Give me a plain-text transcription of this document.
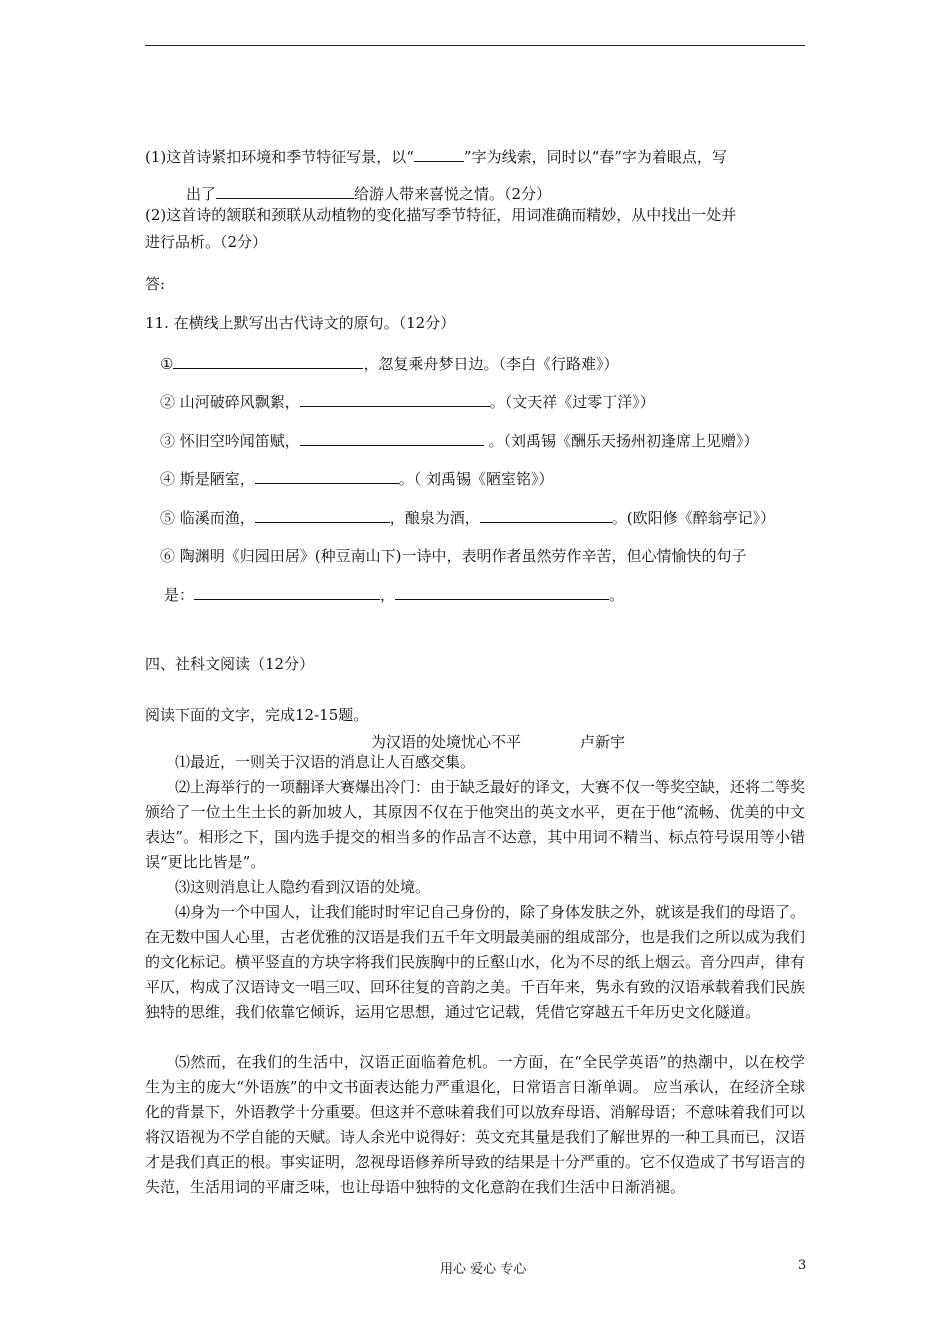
(1)这首诗紧扣环境和季节特征写景，以“	”字为线索，同时以“春”字为着眼点，写
出了	给游人带来喜悦之情。（2分）
(2)这首诗的颔联和颈联从动植物的变化描写季节特征，用词准确而精妙，从中找出一处并
进行品析。（2分）
答:
11. 在横线上默写出古代诗文的原句。（12分）
①	，忽复乘舟梦日边。（李白《行路难》）
② 山河破碎风飘絮，	。（文天祥《过零丁洋》）
③ 怀旧空吟闻笛赋，	。（刘禹锡《酬乐天扬州初逢席上见赠》）
④ 斯是陋室，	。（ 刘禹锡《陋室铭》）
⑤ 临溪而渔，	，酿泉为酒，	。(欧阳修《醉翁亭记》）
⑥ 陶渊明《归园田居》(种豆南山下)一诗中，表明作者虽然劳作辛苦，但心情愉快的句子
是：	，	。
四、社科文阅读（12分）
阅读下面的文字，完成12-15题。
为汉语的处境忧心不平	卢新宇
⑴最近，一则关于汉语的消息让人百感交集。
⑵上海举行的一项翻译大赛爆出冷门：由于缺乏最好的译文，大赛不仅一等奖空缺，还将二等奖颁给了一位土生土长的新加坡人，其原因不仅在于他突出的英文水平，更在于他“流畅、优美的中文表达”。相形之下，国内选手提交的相当多的作品言不达意，其中用词不精当、标点符号误用等小错误“更比比皆是”。
⑶这则消息让人隐约看到汉语的处境。
⑷身为一个中国人，让我们能时时牢记自己身份的，除了身体发肤之外，就该是我们的母语了。在无数中国人心里，古老优雅的汉语是我们五千年文明最美丽的组成部分，也是我们之所以成为我们的文化标记。横平竖直的方块字将我们民族胸中的丘壑山水，化为不尽的纸上烟云。音分四声，律有平仄，构成了汉语诗文一唱三叹、回环往复的音韵之美。千百年来，隽永有致的汉语承载着我们民族独特的思维，我们依靠它倾诉，运用它思想，通过它记载，凭借它穿越五千年历史文化隧道。
⑸然而，在我们的生活中，汉语正面临着危机。一方面，在“全民学英语”的热潮中，以在校学生为主的庞大“外语族”的中文书面表达能力严重退化，日常语言日渐单调。 应当承认，在经济全球化的背景下，外语教学十分重要。但这并不意味着我们可以放弃母语、消解母语；不意味着我们可以将汉语视为不学自能的天赋。诗人余光中说得好：英文充其量是我们了解世界的一种工具而已，汉语才是我们真正的根。事实证明，忽视母语修养所导致的结果是十分严重的。它不仅造成了书写语言的失范，生活用词的平庸乏味，也让母语中独特的文化意韵在我们生活中日渐消褪。
用心 爱心 专心	3
